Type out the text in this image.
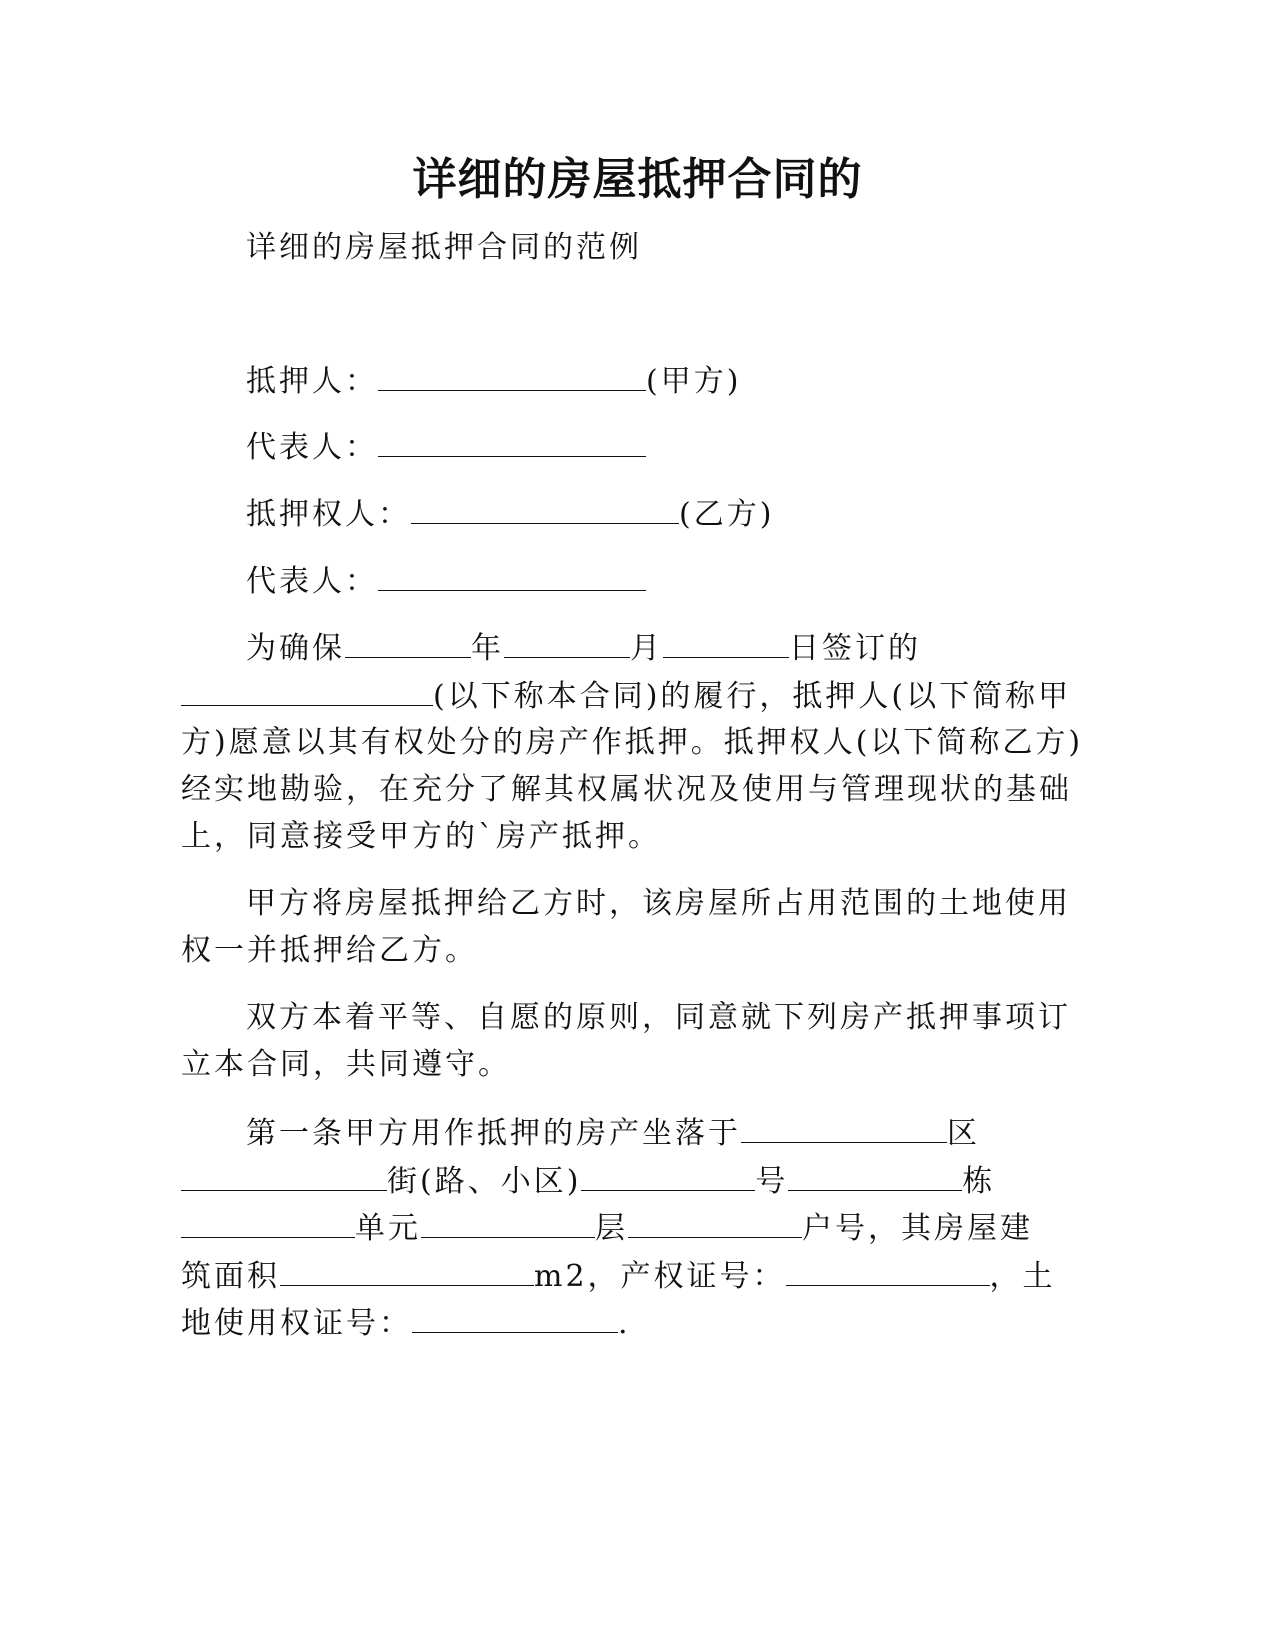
详细的房屋抵押合同的
详细的房屋抵押合同的范例
抵押人：	(甲方)
代表人：
抵押权人：	(乙方)
代表人：
为确保	年	月	日签订的
(以下称本合同)的履行，抵押人(以下简称甲
方)愿意以其有权处分的房产作抵押。抵押权人(以下简称乙方)
经实地勘验，在充分了解其权属状况及使用与管理现状的基础
上，同意接受甲方的`房产抵押。
甲方将房屋抵押给乙方时，该房屋所占用范围的土地使用
权一并抵押给乙方。
双方本着平等、自愿的原则，同意就下列房产抵押事项订
立本合同，共同遵守。
第一条甲方用作抵押的房产坐落于	区
街(路、小区)	号	栋
单元	层	户号，其房屋建
筑面积	m2，产权证号：	，土
地使用权证号：	.
